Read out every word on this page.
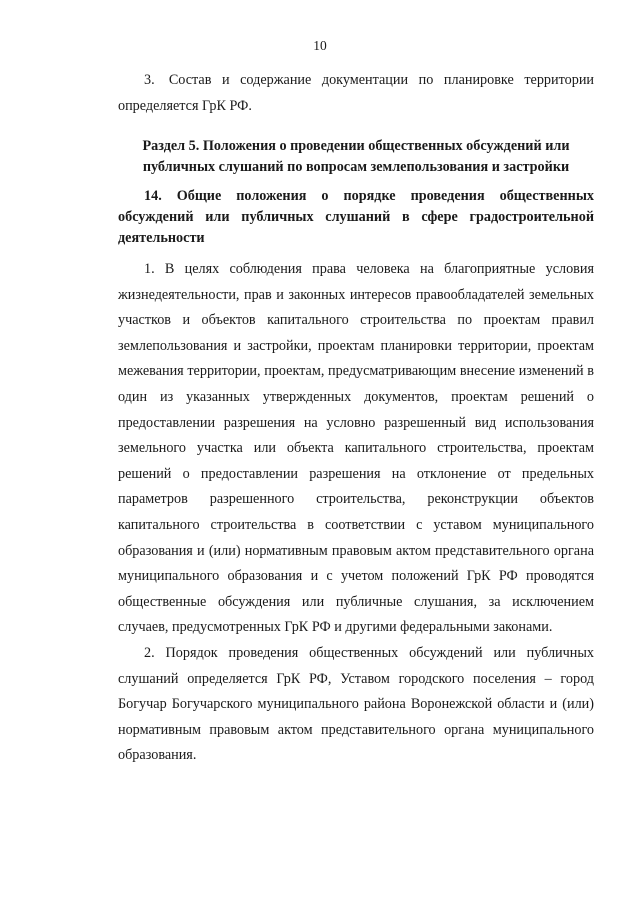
10

3. Состав и содержание документации по планировке территории определяется ГрК РФ.

Раздел 5. Положения о проведении общественных обсуждений или публичных слушаний по вопросам землепользования и застройки

14. Общие положения о порядке проведения общественных обсуждений или публичных слушаний в сфере градостроительной деятельности

1. В целях соблюдения права человека на благоприятные условия жизнедеятельности, прав и законных интересов правообладателей земельных участков и объектов капитального строительства по проектам правил землепользования и застройки, проектам планировки территории, проектам межевания территории, проектам, предусматривающим внесение изменений в один из указанных утвержденных документов, проектам решений о предоставлении разрешения на условно разрешенный вид использования земельного участка или объекта капитального строительства, проектам решений о предоставлении разрешения на отклонение от предельных параметров разрешенного строительства, реконструкции объектов капитального строительства в соответствии с уставом муниципального образования и (или) нормативным правовым актом представительного органа муниципального образования и с учетом положений ГрК РФ проводятся общественные обсуждения или публичные слушания, за исключением случаев, предусмотренных ГрК РФ и другими федеральными законами.

2. Порядок проведения общественных обсуждений или публичных слушаний определяется ГрК РФ, Уставом городского поселения – город Богучар Богучарского муниципального района Воронежской области и (или) нормативным правовым актом представительного органа муниципального образования.
